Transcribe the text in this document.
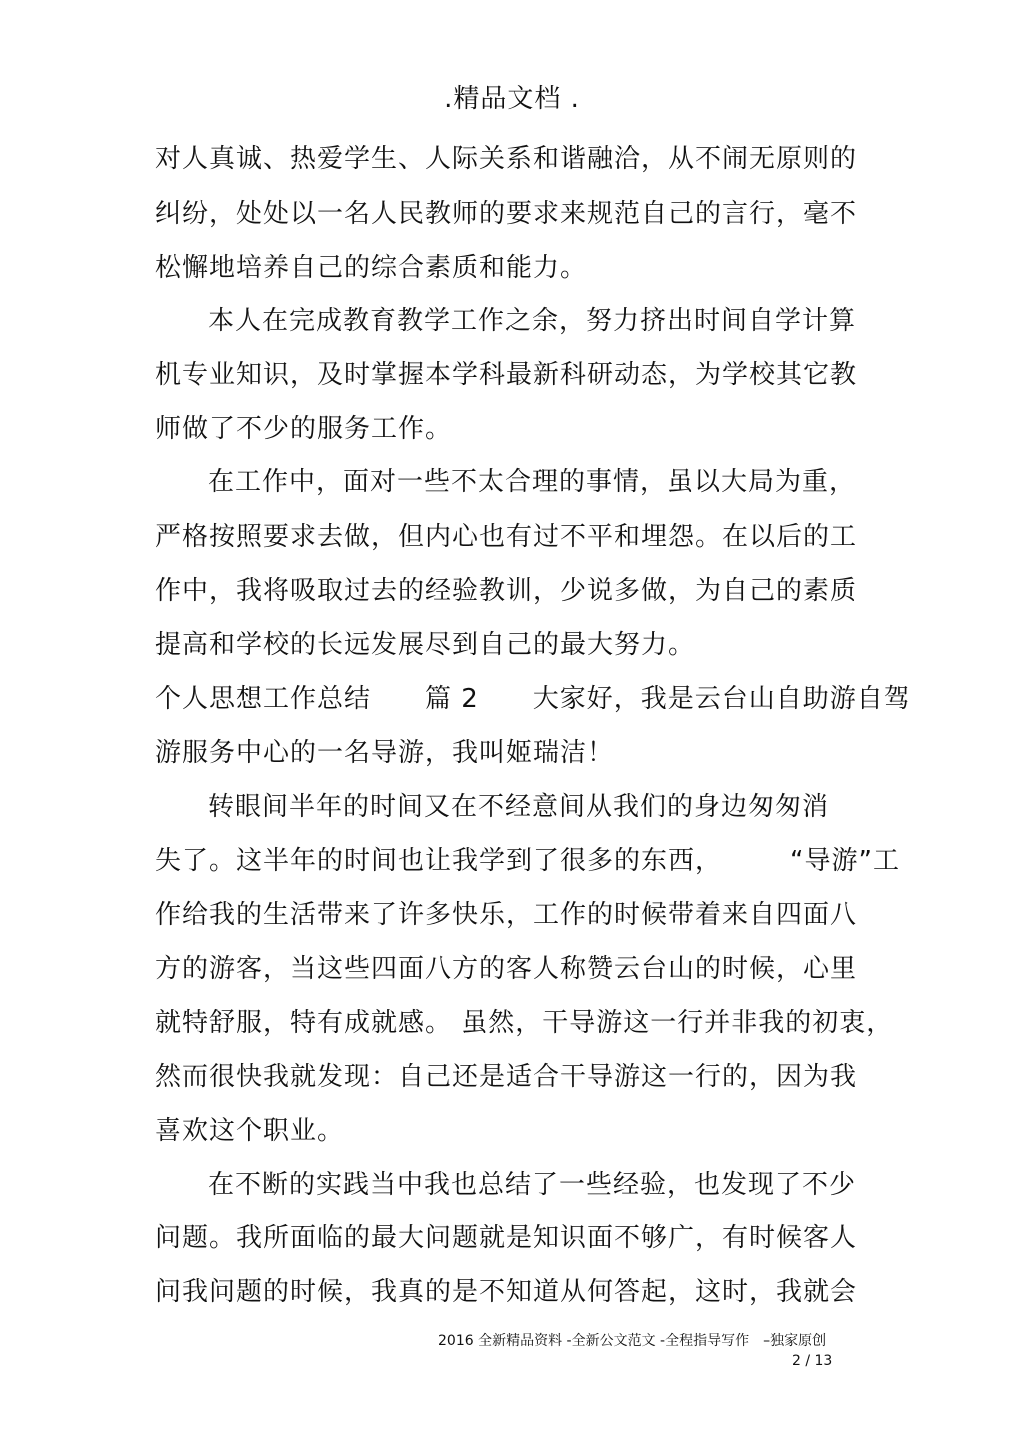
.精品文档 .
对人真诚、热爱学生、人际关系和谐融洽，从不闹无原则的
纠纷，处处以一名人民教师的要求来规范自己的言行，毫不
松懈地培养自己的综合素质和能力。
本人在完成教育教学工作之余，努力挤出时间自学计算
机专业知识，及时掌握本学科最新科研动态，为学校其它教
师做了不少的服务工作。
在工作中，面对一些不太合理的事情，虽以大局为重，
严格按照要求去做，但内心也有过不平和埋怨。在以后的工
作中，我将吸取过去的经验教训，少说多做，为自己的素质
提高和学校的长远发展尽到自己的最大努力。
个人思想工作总结　　篇 2　　大家好，我是云台山自助游自驾
游服务中心的一名导游，我叫姬瑞洁！
转眼间半年的时间又在不经意间从我们的身边匆匆消
失了。这半年的时间也让我学到了很多的东西，　　　“导游”工
作给我的生活带来了许多快乐，工作的时候带着来自四面八
方的游客，当这些四面八方的客人称赞云台山的时候，心里
就特舒服，特有成就感。 虽然，干导游这一行并非我的初衷，
然而很快我就发现：自己还是适合干导游这一行的，因为我
喜欢这个职业。
在不断的实践当中我也总结了一些经验，也发现了不少
问题。我所面临的最大问题就是知识面不够广，有时候客人
问我问题的时候，我真的是不知道从何答起，这时，我就会
2016 全新精品资料 -全新公文范文 -全程指导写作　–独家原创
2 / 13
